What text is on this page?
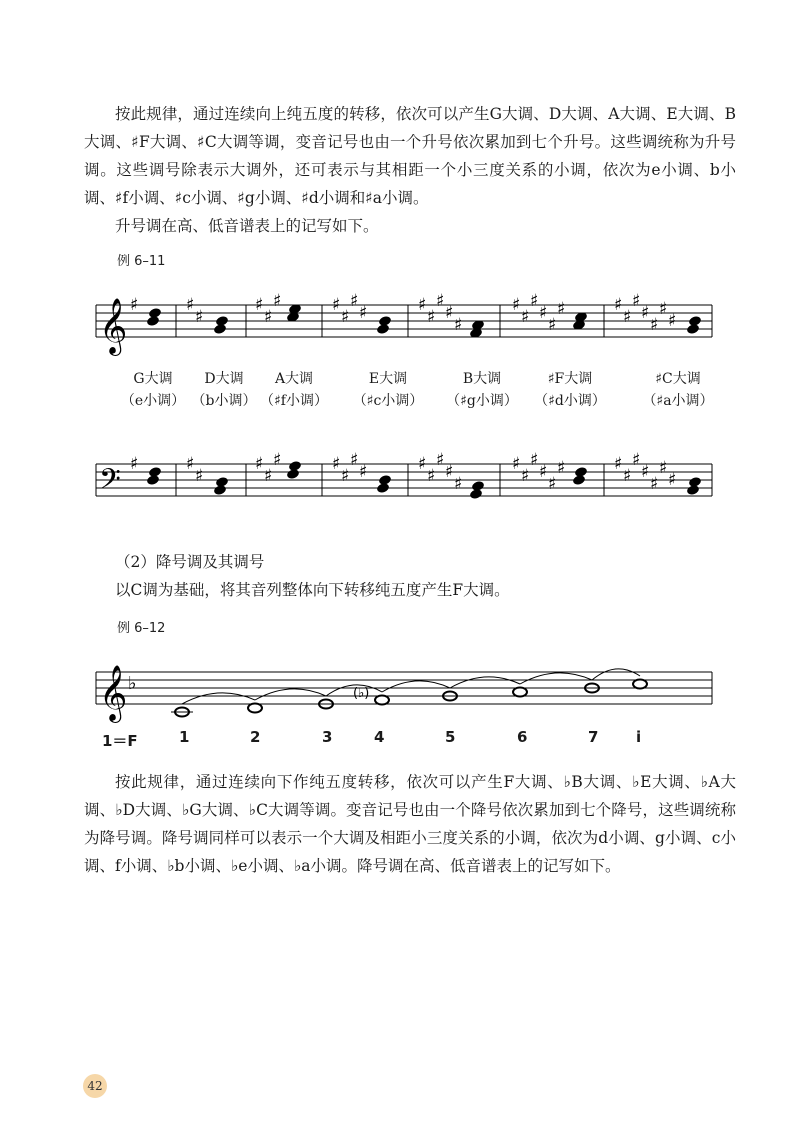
按此规律，通过连续向上纯五度的转移，依次可以产生G大调、D大调、A大调、E大调、B大调、♯F大调、♯C大调等调，变音记号也由一个升号依次累加到七个升号。这些调统称为升号调。这些调号除表示大调外，还可表示与其相距一个小三度关系的小调，依次为e小调、b小调、♯f小调、♯c小调、♯g小调、♯d小调和♯a小调。

升号调在高、低音谱表上的记写如下。

例 6–11
𝄞 ♯	♯
♯
♯
♯
♯	♯
♯
♯
♯	♯
♯
♯
♯
♯
♯
♯
♯
♯
♯
♯	♯
♯
♯
♯
♯
♯
♯
G大调
（e小调）
D大调
（b小调）
A大调
（♯f小调）
E大调
（♯c小调）
B大调
（♯g小调）
♯F大调
（♯d小调）
♯C大调
（♯a小调）
𝄢 ♯	♯
♯
♯
♯
♯	♯
♯
♯
♯	♯
♯
♯
♯
♯
♯
♯
♯
♯
♯
♯	♯
♯
♯
♯
♯
♯
♯

（2）降号调及其调号

以C调为基础，将其音列整体向下转移纯五度产生F大调。

例 6–12
𝄞 ♭	(♭)
1＝F	1	2	3	4	5	6	7	i

按此规律，通过连续向下作纯五度转移，依次可以产生F大调、♭B大调、♭E大调、♭A大调、♭D大调、♭G大调、♭C大调等调。变音记号也由一个降号依次累加到七个降号，这些调统称为降号调。降号调同样可以表示一个大调及相距小三度关系的小调，依次为d小调、g小调、c小调、f小调、♭b小调、♭e小调、♭a小调。降号调在高、低音谱表上的记写如下。

42
